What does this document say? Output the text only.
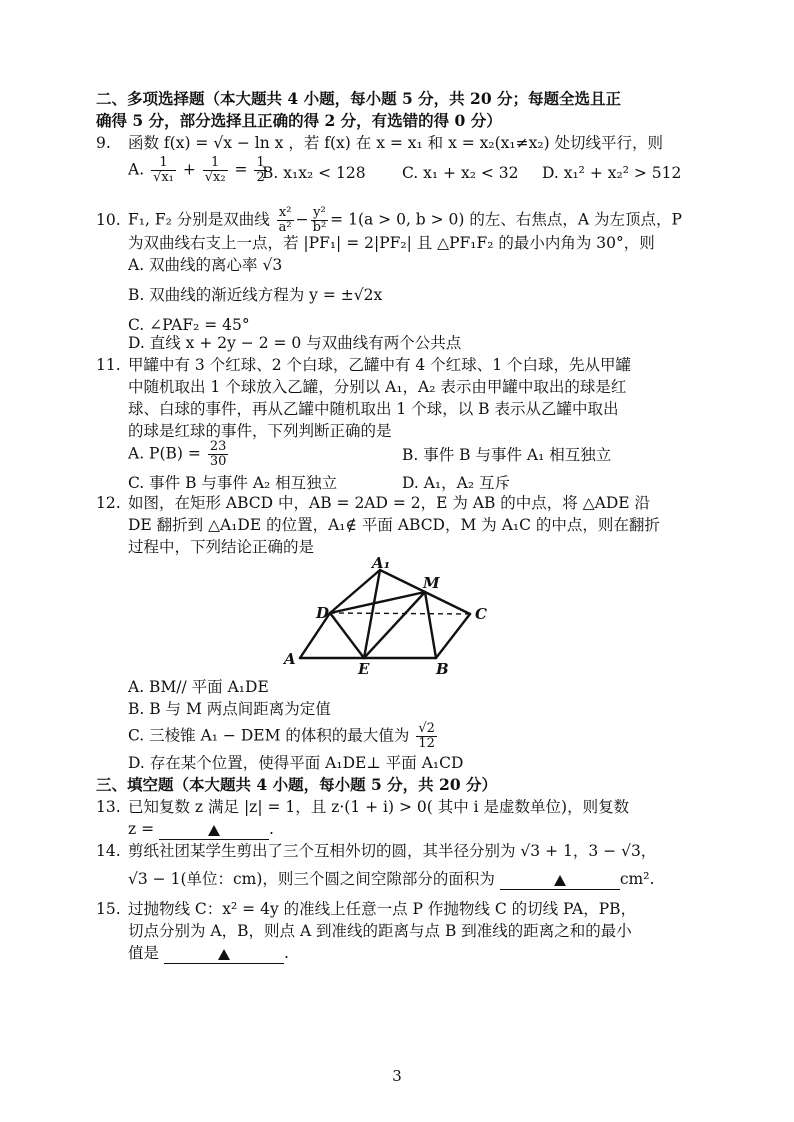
二、多项选择题（本大题共 4 小题，每小题 5 分，共 20 分；每题全选且正
确得 5 分，部分选择且正确的得 2 分，有选错的得 0 分）
9. 函数 f(x) = √x − ln x ，若 f(x) 在 x = x₁ 和 x = x₂(x₁≠x₂) 处切线平行，则
A. $\frac{1}{\text{√x₁}} + \frac{1}{\text{√x₂}} = \frac{1}{2}$
B. x₁x₂ < 128 C. x₁ + x₂ < 32 D. x₁² + x₂² > 512
10. F₁, F₂ 分别是双曲线 $\frac{\text{x²}}{\text{a²}} - \frac{\text{y²}}{\text{b²}} = 1(a > 0$, b > 0) 的左、右焦点，A 为左顶点，P
为双曲线右支上一点，若 |PF₁| = 2|PF₂| 且 △PF₁F₂ 的最小内角为 30°，则
A. 双曲线的离心率 √3
B. 双曲线的渐近线方程为 y = ±√2x
C. ∠PAF₂ = 45°
D. 直线 x + 2y − 2 = 0 与双曲线有两个公共点
11. 甲罐中有 3 个红球、2 个白球，乙罐中有 4 个红球、1 个白球，先从甲罐
中随机取出 1 个球放入乙罐，分别以 A₁，A₂ 表示由甲罐中取出的球是红
球、白球的事件，再从乙罐中随机取出 1 个球，以 B 表示从乙罐中取出
的球是红球的事件，下列判断正确的是
A. $P(B) = \frac{23}{30}$	B. 事件 B 与事件 A₁ 相互独立
C. 事件 B 与事件 A₂ 相互独立	D. A₁，A₂ 互斥
12. 如图，在矩形 ABCD 中，AB = 2AD = 2，E 为 AB 的中点，将 △ADE 沿
DE 翻折到 △A₁DE 的位置，A₁∉ 平面 ABCD，M 为 A₁C 的中点，则在翻折
过程中，下列结论正确的是
A₁
M
D	C
A
E	B
A. BM// 平面 A₁DE
B. B 与 M 两点间距离为定值
C. 三棱锥 A₁ − DEM 的体积的最大值为 $\frac{√2}{12}$
D. 存在某个位置，使得平面 A₁DE⊥ 平面 A₁CD
三、填空题（本大题共 4 小题，每小题 5 分，共 20 分）
13. 已知复数 z 满足 |z| = 1，且 z·(1 + i) > 0( 其中 i 是虚数单位)，则复数
z =	.
14. 剪纸社团某学生剪出了三个互相外切的圆，其半径分别为 √3 + 1，3 − √3，
√3 − 1(单位：cm)，则三个圆之间空隙部分的面积为	cm².
15. 过抛物线 C：x² = 4y 的准线上任意一点 P 作抛物线 C 的切线 PA，PB，
切点分别为 A，B，则点 A 到准线的距离与点 B 到准线的距离之和的最小
值是	.
3
